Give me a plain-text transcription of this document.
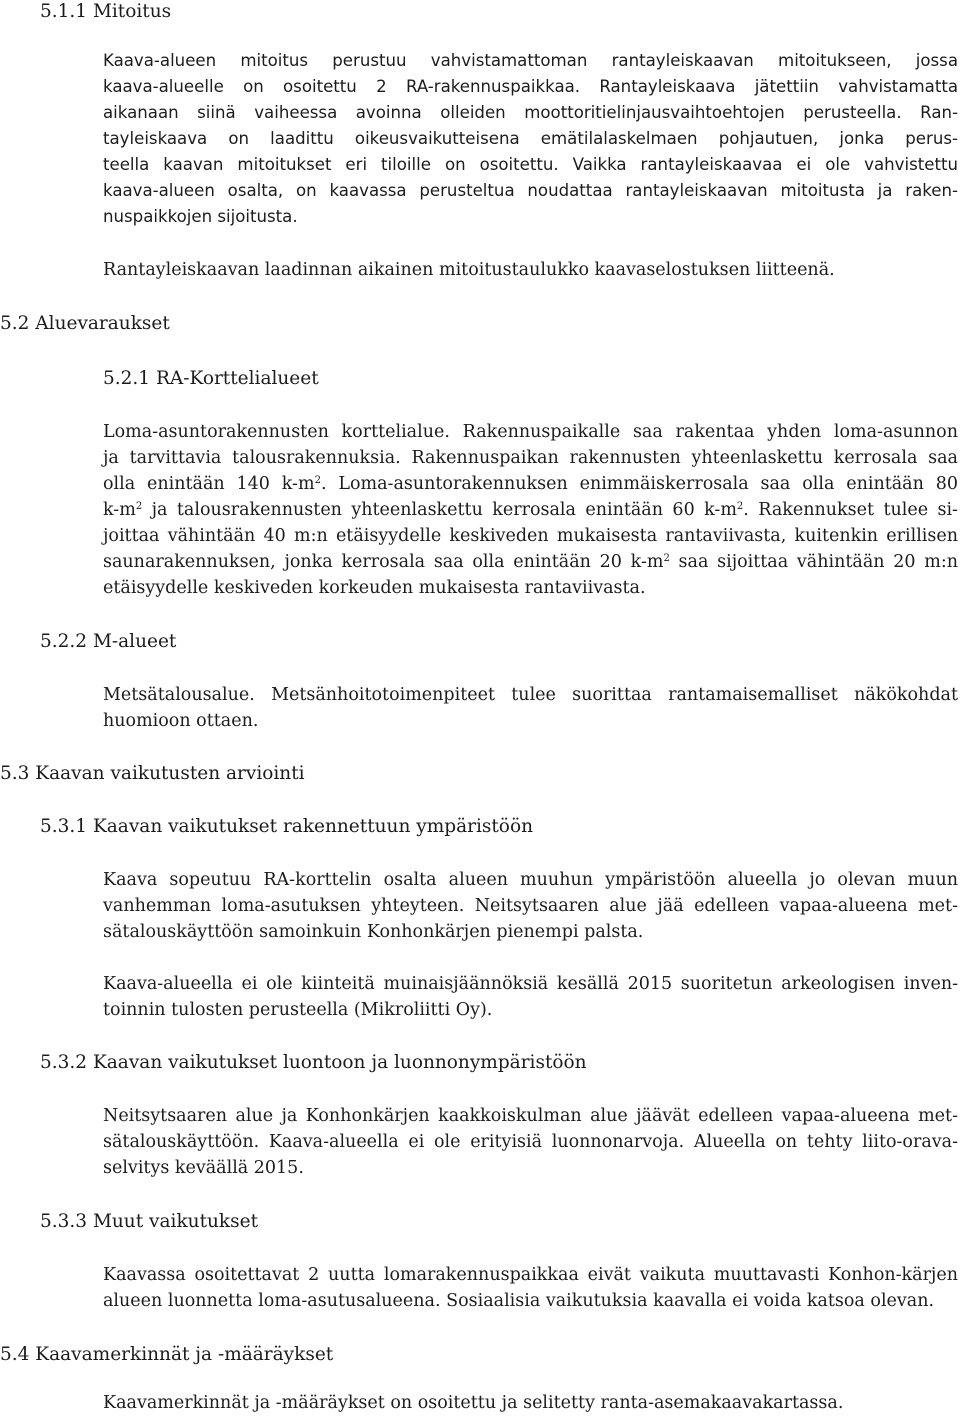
5.1.1 Mitoitus
Kaava-alueen mitoitus perustuu vahvistamattoman rantayleiskaavan mitoitukseen, jossa
kaava-alueelle on osoitettu 2 RA-rakennuspaikkaa. Rantayleiskaava jätettiin vahvistamatta
aikanaan siinä vaiheessa avoinna olleiden moottoritielinjausvaihtoehtojen perusteella. Ran-
tayleiskaava on laadittu oikeusvaikutteisena emätilalaskelmaen pohjautuen, jonka perus-
teella kaavan mitoitukset eri tiloille on osoitettu. Vaikka rantayleiskaavaa ei ole vahvistettu
kaava-alueen osalta, on kaavassa perusteltua noudattaa rantayleiskaavan mitoitusta ja raken-
nuspaikkojen sijoitusta.
Rantayleiskaavan laadinnan aikainen mitoitustaulukko kaavaselostuksen liitteenä.
5.2 Aluevaraukset
5.2.1 RA-Korttelialueet
Loma-asuntorakennusten korttelialue. Rakennuspaikalle saa rakentaa yhden loma-asunnon
ja tarvittavia talousrakennuksia. Rakennuspaikan rakennusten yhteenlaskettu kerrosala saa
olla enintään 140 $k-m^2$. Loma-asuntorakennuksen enimmäiskerrosala saa olla enintään 80
$k-m^2$ ja talousrakennusten yhteenlaskettu kerrosala enintään 60 $k-m^2$. Rakennukset tulee si-
joittaa vähintään 40 m:n etäisyydelle keskiveden mukaisesta rantaviivasta, kuitenkin erillisen
saunarakennuksen, jonka kerrosala saa olla enintään 20 $k-m^2$ saa sijoittaa vähintään 20 m:n
etäisyydelle keskiveden korkeuden mukaisesta rantaviivasta.
5.2.2 M-alueet
Metsätalousalue. Metsänhoitotoimenpiteet tulee suorittaa rantamaisemalliset näkökohdat
huomioon ottaen.
5.3 Kaavan vaikutusten arviointi
5.3.1 Kaavan vaikutukset rakennettuun ympäristöön
Kaava sopeutuu RA-korttelin osalta alueen muuhun ympäristöön alueella jo olevan muun
vanhemman loma-asutuksen yhteyteen. Neitsytsaaren alue jää edelleen vapaa-alueena met-
sätalouskäyttöön samoinkuin Konhonkärjen pienempi palsta.
Kaava-alueella ei ole kiinteitä muinaisjäännöksiä kesällä 2015 suoritetun arkeologisen inven-
toinnin tulosten perusteella (Mikroliitti Oy).
5.3.2 Kaavan vaikutukset luontoon ja luonnonympäristöön
Neitsytsaaren alue ja Konhonkärjen kaakkoiskulman alue jäävät edelleen vapaa-alueena met-
sätalouskäyttöön. Kaava-alueella ei ole erityisiä luonnonarvoja. Alueella on tehty liito-orava-
selvitys keväällä 2015.
5.3.3 Muut vaikutukset
Kaavassa osoitettavat 2 uutta lomarakennuspaikkaa eivät vaikuta muuttavasti Konhon-kärjen
alueen luonnetta loma-asutusalueena. Sosiaalisia vaikutuksia kaavalla ei voida katsoa olevan.
5.4 Kaavamerkinnät ja -määräykset
Kaavamerkinnät ja -määräykset on osoitettu ja selitetty ranta-asemakaavakartassa.
